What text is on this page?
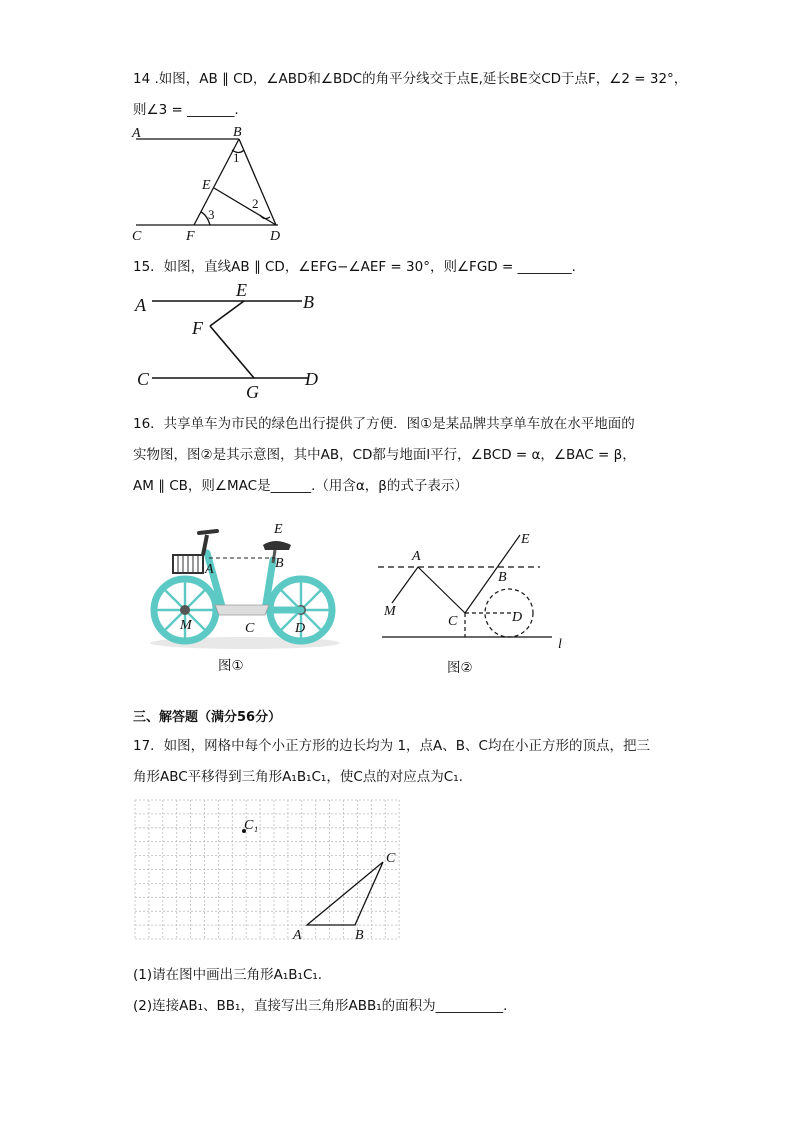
14 .如图，AB ∥ CD，∠ABD和∠BDC的角平分线交于点E,延长BE交CD于点F，∠2 = 32°，
则∠3 = _______.
A	B
E
C	F	D
1
2
3
15．如图，直线AB ∥ CD，∠EFG−∠AEF = 30°，则∠FGD = ________.
A
E
B
F
C
G
D
16．共享单车为市民的绿色出行提供了方便．图①是某品牌共享单车放在水平地面的
实物图，图②是其示意图，其中AB，CD都与地面l平行，∠BCD = α，∠BAC = β，
AM ∥ CB，则∠MAC是______.（用含α，β的式子表示）
E
A	B
M	C	D
图①
E
A
B
M
C	D
l
图②
三、解答题（满分56分）
17．如图，网格中每个小正方形的边长均为 1，点A、B、C均在小正方形的顶点，把三
角形ABC平移得到三角形A₁B₁C₁，使C点的对应点为C₁.
A	B
C
C₁
(1)请在图中画出三角形A₁B₁C₁.
(2)连接AB₁、BB₁，直接写出三角形ABB₁的面积为__________.
